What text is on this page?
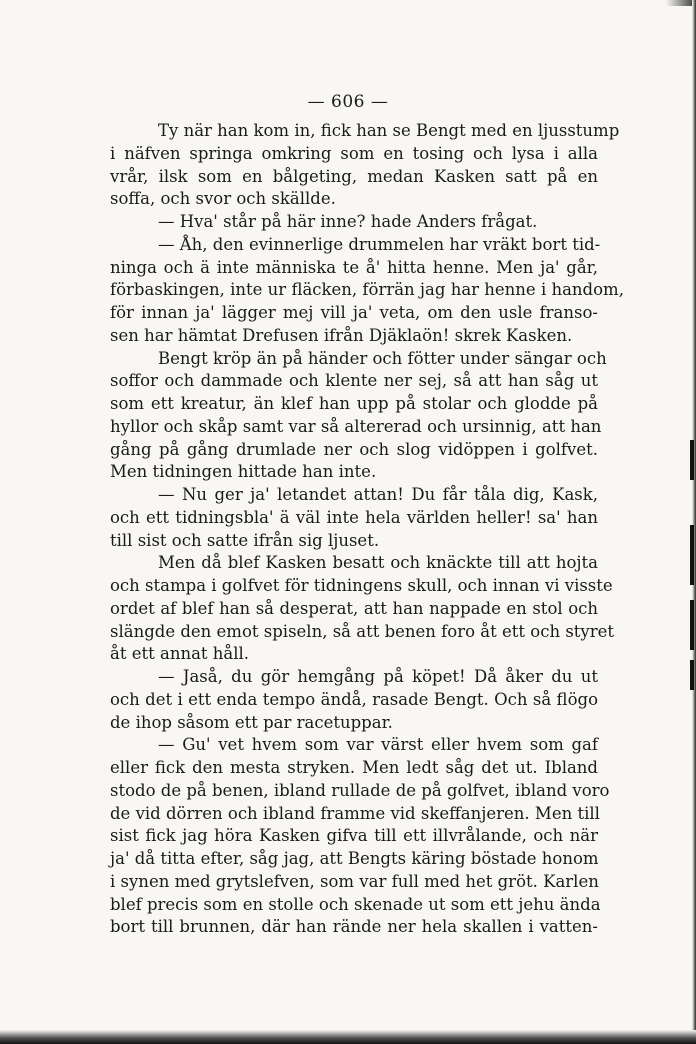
— 606 —
Ty när han kom in, fick han se Bengt med en ljusstump
i näfven springa omkring som en tosing och lysa i alla
vrår, ilsk som en bålgeting, medan Kasken satt på en
soffa, och svor och skällde.
— Hva' står på här inne? hade Anders frågat.
— Åh, den evinnerlige drummelen har vräkt bort tid-
ninga och ä inte människa te å' hitta henne. Men ja' går,
förbaskingen, inte ur fläcken, förrän jag har henne i handom,
för innan ja' lägger mej vill ja' veta, om den usle franso-
sen har hämtat Drefusen ifrån Djäklaön! skrek Kasken.
Bengt kröp än på händer och fötter under sängar och
soffor och dammade och klente ner sej, så att han såg ut
som ett kreatur, än klef han upp på stolar och glodde på
hyllor och skåp samt var så altererad och ursinnig, att han
gång på gång drumlade ner och slog vidöppen i golfvet.
Men tidningen hittade han inte.
— Nu ger ja' letandet attan! Du får tåla dig, Kask,
och ett tidningsbla' ä väl inte hela världen heller! sa' han
till sist och satte ifrån sig ljuset.
Men då blef Kasken besatt och knäckte till att hojta
och stampa i golfvet för tidningens skull, och innan vi visste
ordet af blef han så desperat, att han nappade en stol och
slängde den emot spiseln, så att benen foro åt ett och styret
åt ett annat håll.
— Jaså, du gör hemgång på köpet! Då åker du ut
och det i ett enda tempo ändå, rasade Bengt. Och så flögo
de ihop såsom ett par racetuppar.
— Gu' vet hvem som var värst eller hvem som gaf
eller fick den mesta stryken. Men ledt såg det ut. Ibland
stodo de på benen, ibland rullade de på golfvet, ibland voro
de vid dörren och ibland framme vid skeffanjeren. Men till
sist fick jag höra Kasken gifva till ett illvrålande, och när
ja' då titta efter, såg jag, att Bengts käring böstade honom
i synen med grytslefven, som var full med het gröt. Karlen
blef precis som en stolle och skenade ut som ett jehu ända
bort till brunnen, där han rände ner hela skallen i vatten-
